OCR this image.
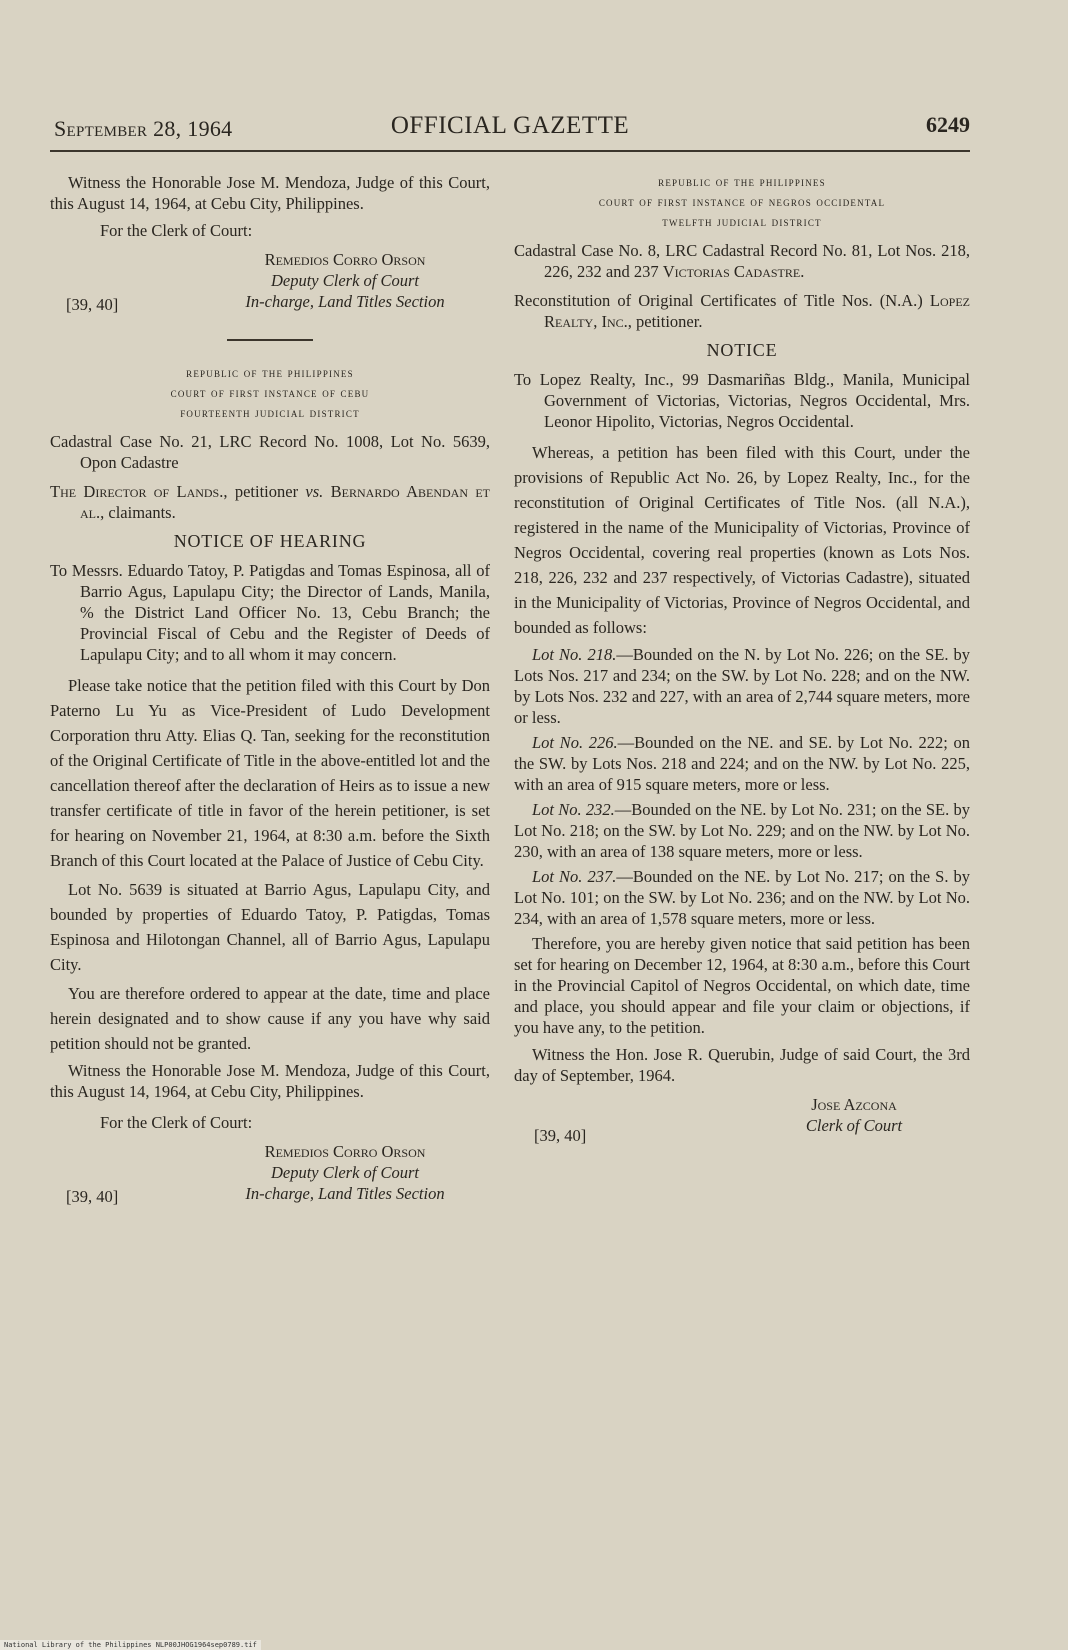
September 28, 1964	OFFICIAL GAZETTE	6249

Witness the Honorable Jose M. Mendoza, Judge of this Court, this August 14, 1964, at Cebu City, Philippines.

For the Clerk of Court:

Remedios Corro Orson
Deputy Clerk of Court
In-charge, Land Titles Section
[39, 40]
republic of the philippines
court of first instance of cebu
fourteenth judicial district

Cadastral Case No. 21, LRC Record No. 1008, Lot No. 5639, Opon Cadastre

The Director of Lands., petitioner vs. Bernardo Abendan et al., claimants.

NOTICE OF HEARING

To Messrs. Eduardo Tatoy, P. Patigdas and Tomas Espinosa, all of Barrio Agus, Lapulapu City; the Director of Lands, Manila, % the District Land Officer No. 13, Cebu Branch; the Provincial Fiscal of Cebu and the Register of Deeds of Lapulapu City; and to all whom it may concern.

Please take notice that the petition filed with this Court by Don Paterno Lu Yu as Vice-President of Ludo Development Corporation thru Atty. Elias Q. Tan, seeking for the reconstitution of the Original Certificate of Title in the above-entitled lot and the cancellation thereof after the declaration of Heirs as to issue a new transfer certificate of title in favor of the herein petitioner, is set for hearing on November 21, 1964, at 8:30 a.m. before the Sixth Branch of this Court located at the Palace of Justice of Cebu City.

Lot No. 5639 is situated at Barrio Agus, Lapulapu City, and bounded by properties of Eduardo Tatoy, P. Patigdas, Tomas Espinosa and Hilotongan Channel, all of Barrio Agus, Lapulapu City.

You are therefore ordered to appear at the date, time and place herein designated and to show cause if any you have why said petition should not be granted.

Witness the Honorable Jose M. Mendoza, Judge of this Court, this August 14, 1964, at Cebu City, Philippines.

For the Clerk of Court:

Remedios Corro Orson
Deputy Clerk of Court
In-charge, Land Titles Section
[39, 40]
republic of the philippines
court of first instance of negros occidental
twelfth judicial district

Cadastral Case No. 8, LRC Cadastral Record No. 81, Lot Nos. 218, 226, 232 and 237 Victorias Cadastre.

Reconstitution of Original Certificates of Title Nos. (N.A.) Lopez Realty, Inc., petitioner.

NOTICE

To Lopez Realty, Inc., 99 Dasmariñas Bldg., Manila, Municipal Government of Victorias, Victorias, Negros Occidental, Mrs. Leonor Hipolito, Victorias, Negros Occidental.

Whereas, a petition has been filed with this Court, under the provisions of Republic Act No. 26, by Lopez Realty, Inc., for the reconstitution of Original Certificates of Title Nos. (all N.A.), registered in the name of the Municipality of Victorias, Province of Negros Occidental, covering real properties (known as Lots Nos. 218, 226, 232 and 237 respectively, of Victorias Cadastre), situated in the Municipality of Victorias, Province of Negros Occidental, and bounded as follows:

Lot No. 218.—Bounded on the N. by Lot No. 226; on the SE. by Lots Nos. 217 and 234; on the SW. by Lot No. 228; and on the NW. by Lots Nos. 232 and 227, with an area of 2,744 square meters, more or less.

Lot No. 226.—Bounded on the NE. and SE. by Lot No. 222; on the SW. by Lots Nos. 218 and 224; and on the NW. by Lot No. 225, with an area of 915 square meters, more or less.

Lot No. 232.—Bounded on the NE. by Lot No. 231; on the SE. by Lot No. 218; on the SW. by Lot No. 229; and on the NW. by Lot No. 230, with an area of 138 square meters, more or less.

Lot No. 237.—Bounded on the NE. by Lot No. 217; on the S. by Lot No. 101; on the SW. by Lot No. 236; and on the NW. by Lot No. 234, with an area of 1,578 square meters, more or less.

Therefore, you are hereby given notice that said petition has been set for hearing on December 12, 1964, at 8:30 a.m., before this Court in the Provincial Capitol of Negros Occidental, on which date, time and place, you should appear and file your claim or objections, if you have any, to the petition.

Witness the Hon. Jose R. Querubin, Judge of said Court, the 3rd day of September, 1964.

Jose Azcona
Clerk of Court
[39, 40]
National Library of the Philippines NLP00JHOG1964sep0789.tif
